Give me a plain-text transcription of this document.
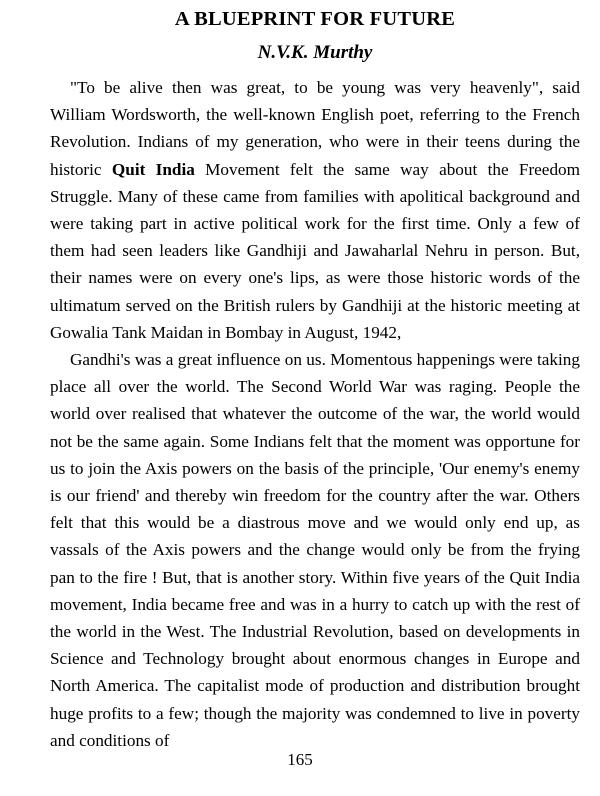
A BLUEPRINT FOR FUTURE
N.V.K. Murthy

"To be alive then was great, to be young was very heavenly", said William Wordsworth, the well-known English poet, referring to the French Revolution. Indians of my generation, who were in their teens during the historic Quit India Movement felt the same way about the Freedom Struggle. Many of these came from families with apolitical background and were taking part in active political work for the first time. Only a few of them had seen leaders like Gandhiji and Jawaharlal Nehru in person. But, their names were on every one's lips, as were those historic words of the ultimatum served on the British rulers by Gandhiji at the historic meeting at Gowalia Tank Maidan in Bombay in August, 1942,

Gandhi's was a great influence on us. Momentous happenings were taking place all over the world. The Second World War was raging. People the world over realised that whatever the outcome of the war, the world would not be the same again. Some Indians felt that the moment was opportune for us to join the Axis powers on the basis of the principle, 'Our enemy's enemy is our friend' and thereby win freedom for the country after the war. Others felt that this would be a diastrous move and we would only end up, as vassals of the Axis powers and the change would only be from the frying pan to the fire ! But, that is another story. Within five years of the Quit India movement, India became free and was in a hurry to catch up with the rest of the world in the West. The Industrial Revolution, based on developments in Science and Technology brought about enormous changes in Europe and North America. The capitalist mode of production and distribution brought huge profits to a few; though the majority was condemned to live in poverty and conditions of

165
